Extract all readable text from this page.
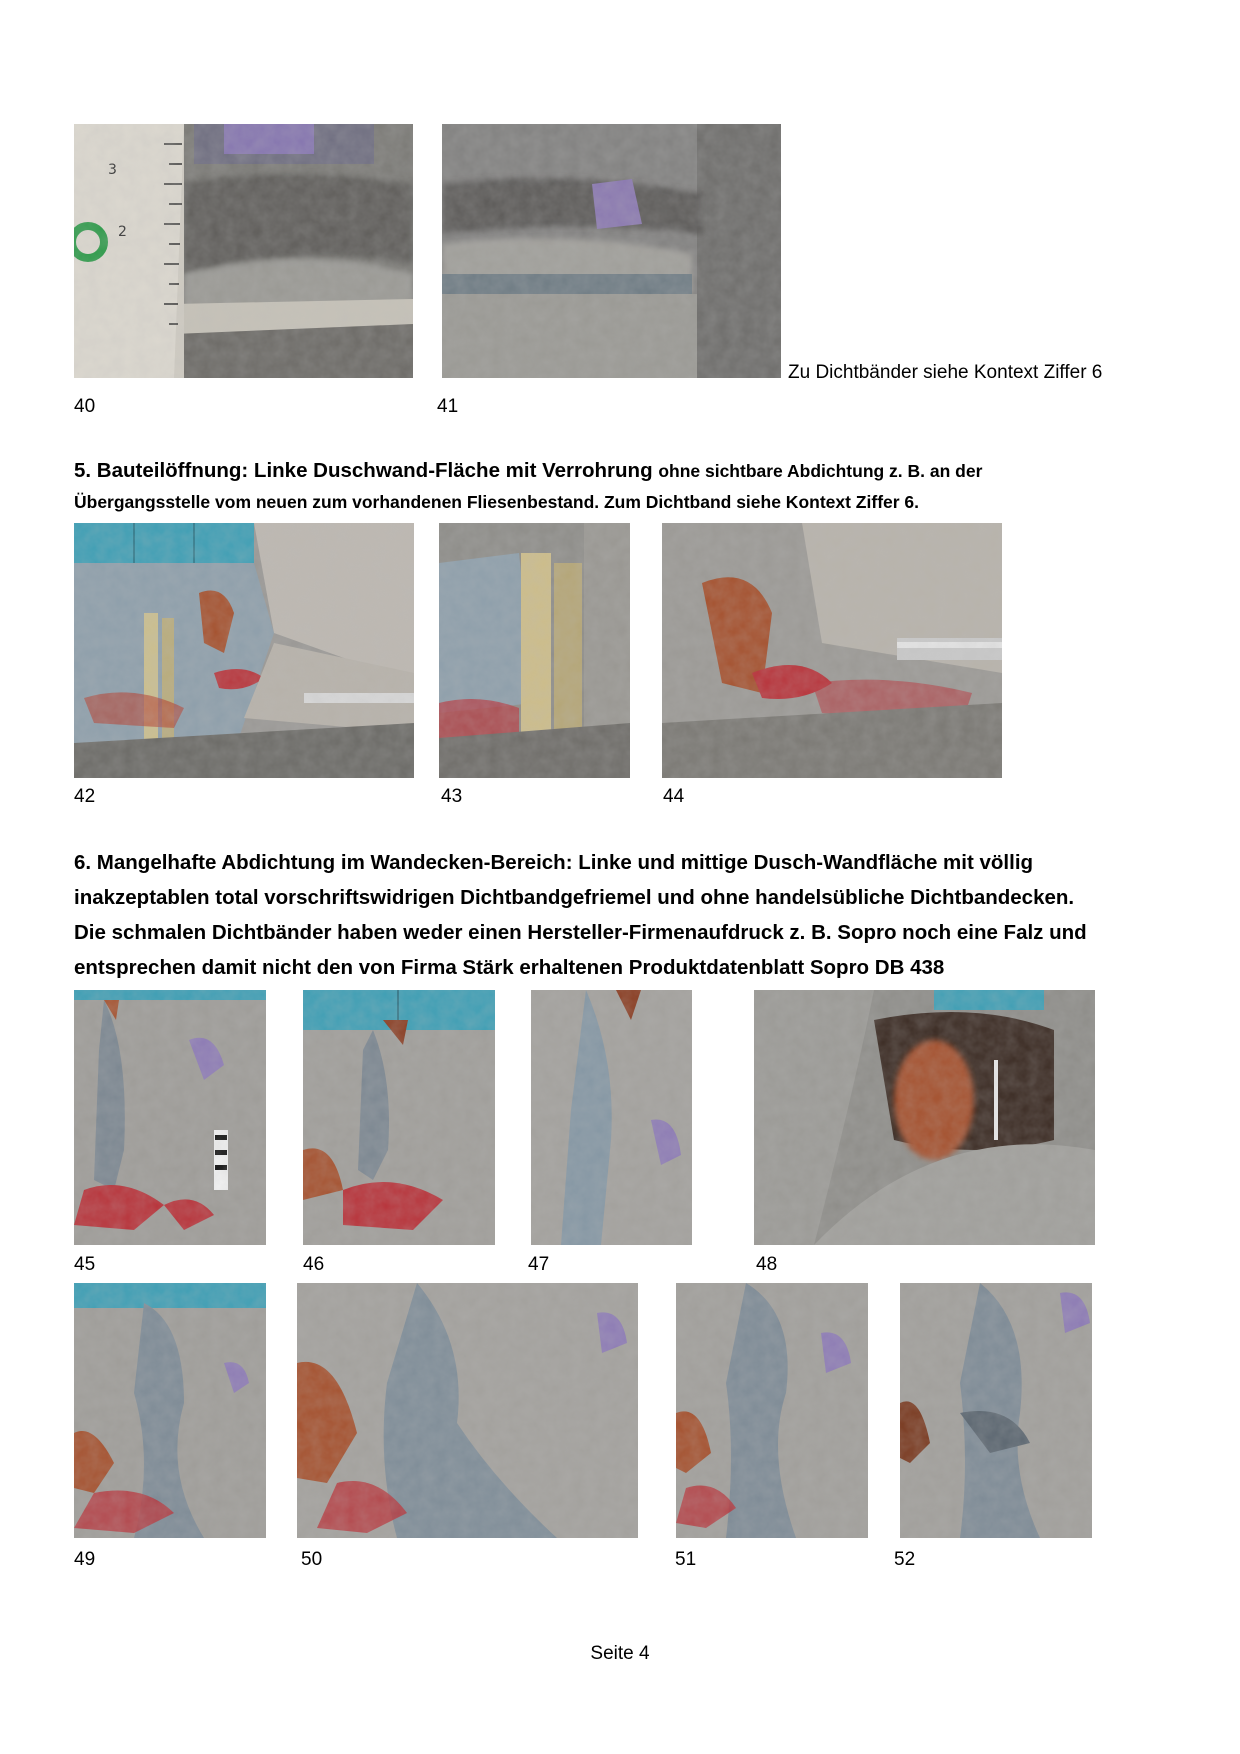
Zu Dichtbänder siehe Kontext Ziffer 6
40	41
5. Bauteilöffnung: Linke Duschwand-Fläche mit Verrohrung ohne sichtbare Abdichtung z. B. an der
Übergangsstelle vom neuen zum vorhandenen Fliesenbestand. Zum Dichtband siehe Kontext Ziffer 6.
42	43	44
6. Mangelhafte Abdichtung im Wandecken-Bereich: Linke und mittige Dusch-Wandfläche mit völlig
inakzeptablen total vorschriftswidrigen Dichtbandgefriemel und ohne handelsübliche Dichtbandecken.
Die schmalen Dichtbänder haben weder einen Hersteller-Firmenaufdruck z. B. Sopro noch eine Falz und
entsprechen damit nicht den von Firma Stärk erhaltenen Produktdatenblatt Sopro DB 438
45	46	47	48
49	50	51	52
Seite 4
